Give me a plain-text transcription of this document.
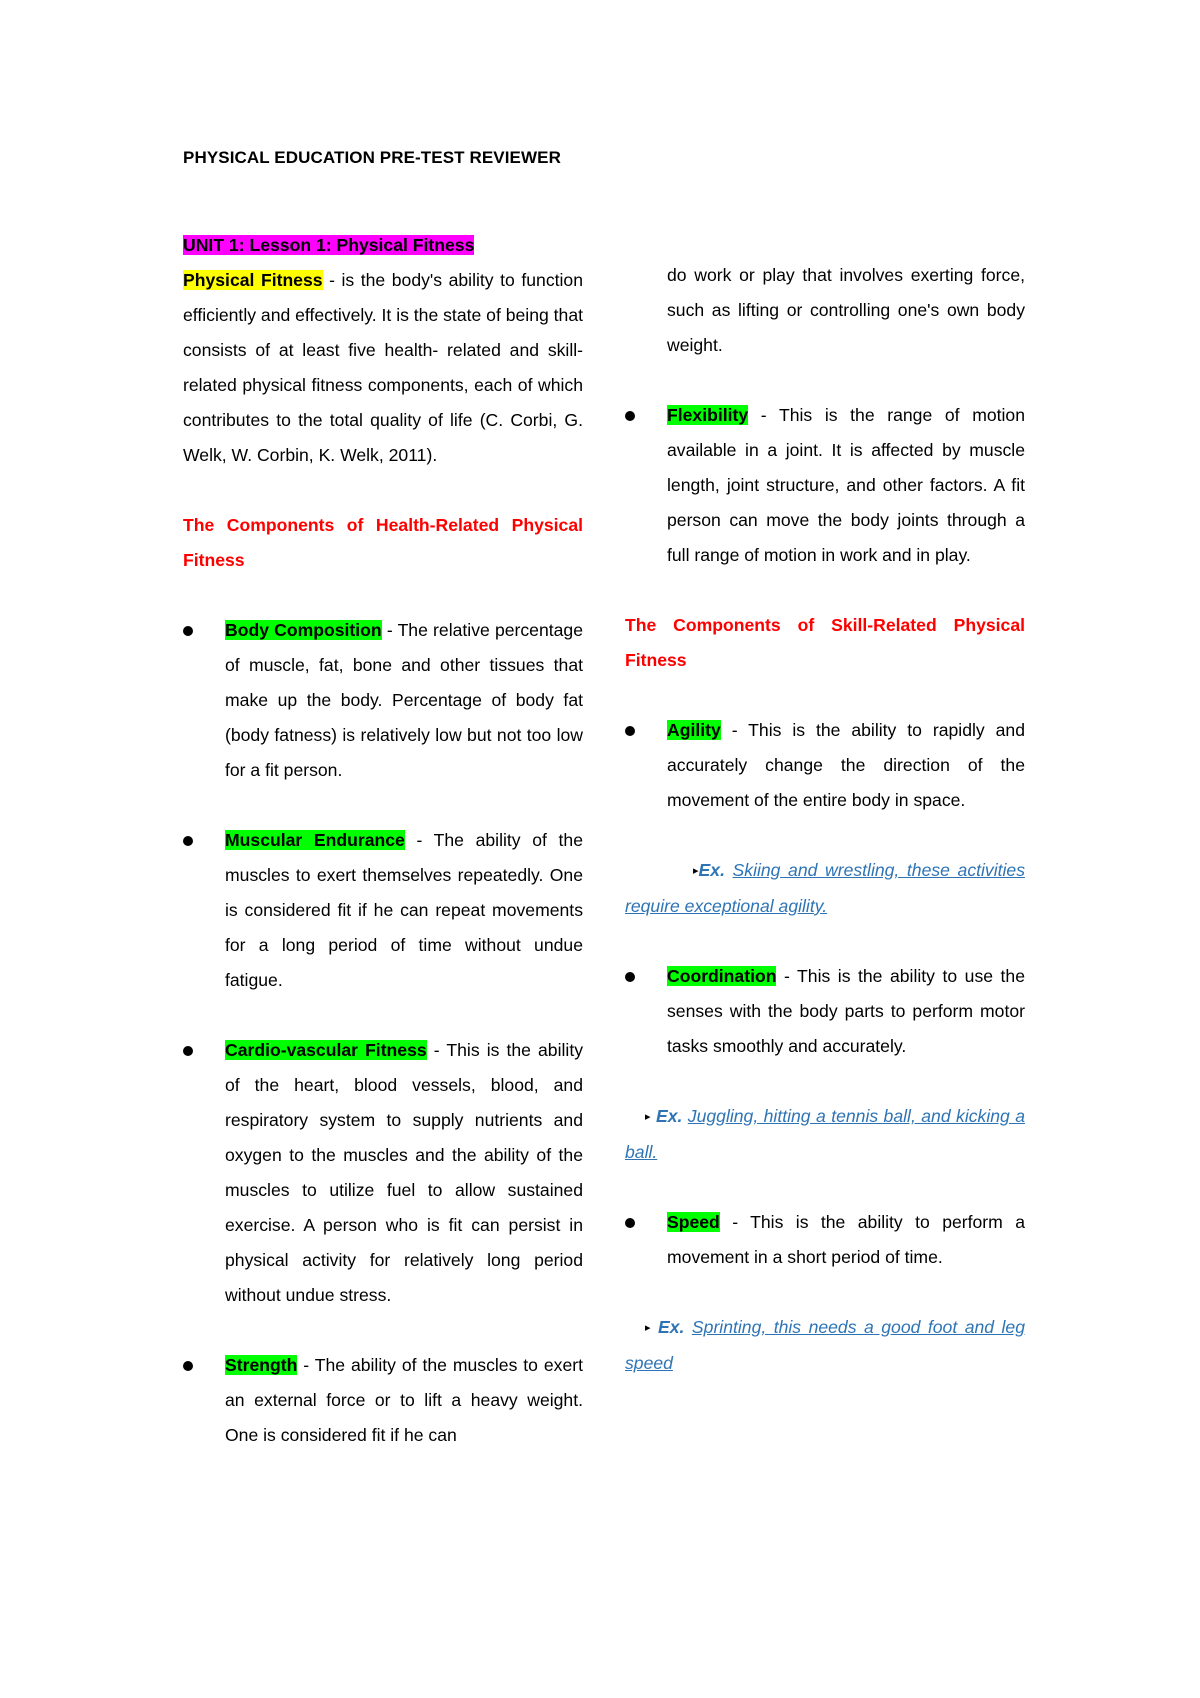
PHYSICAL EDUCATION PRE-TEST REVIEWER
UNIT 1: Lesson 1: Physical Fitness
Physical Fitness - is the body's ability to function efficiently and effectively. It is the state of being that consists of at least five health- related and skill- related physical fitness components, each of which contributes to the total quality of life (C. Corbi, G. Welk, W. Corbin, K. Welk, 2011).
The Components of Health-Related Physical Fitness
Body Composition - The relative percentage of muscle, fat, bone and other tissues that make up the body. Percentage of body fat (body fatness) is relatively low but not too low for a fit person.
Muscular Endurance - The ability of the muscles to exert themselves repeatedly. One is considered fit if he can repeat movements for a long period of time without undue fatigue.
Cardio-vascular Fitness - This is the ability of the heart, blood vessels, blood, and respiratory system to supply nutrients and oxygen to the muscles and the ability of the muscles to utilize fuel to allow sustained exercise. A person who is fit can persist in physical activity for relatively long period without undue stress.
Strength - The ability of the muscles to exert an external force or to lift a heavy weight. One is considered fit if he can
do work or play that involves exerting force, such as lifting or controlling one's own body weight.
Flexibility - This is the range of motion available in a joint. It is affected by muscle length, joint structure, and other factors. A fit person can move the body joints through a full range of motion in work and in play.
The Components of Skill-Related Physical Fitness
Agility - This is the ability to rapidly and accurately change the direction of the movement of the entire body in space.
▸Ex. Skiing and wrestling, these activities require exceptional agility.
Coordination - This is the ability to use the senses with the body parts to perform motor tasks smoothly and accurately.
▸ Ex. Juggling, hitting a tennis ball, and kicking a ball.
Speed - This is the ability to perform a movement in a short period of time.
▸ Ex. Sprinting, this needs a good foot and leg speed
